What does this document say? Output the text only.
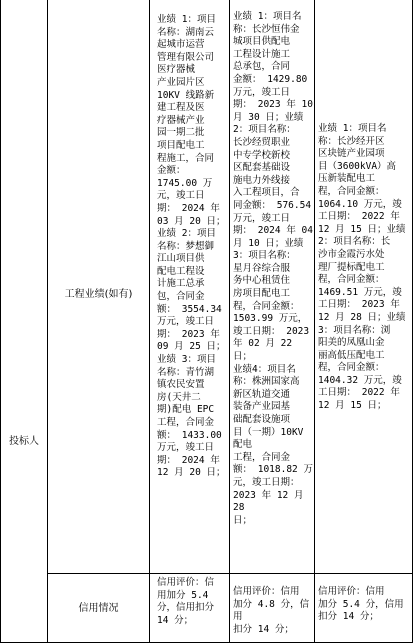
投标人
工程业绩(如有)
信用情况
业绩 1：项目
名称：湖南云
起城市运营
管理有限公司
医疗器械
产业园片区
10KV 线路新
建工程及医
疗器械产业
园一期二批
项目配电工
程施工，合同
金额：
1745.00 万
元，竣工日
期： 2024 年
03 月 20 日；
业绩 2：项目
名称：梦想御
江山项目供
配电工程设
计施工总承
包，合同金
额： 3554.34
万元，竣工日
期： 2023 年
09 月 25 日；
业绩 3：项目
名称：青竹湖
镇农民安置
房(天井二
期)配电 EPC
工程，合同金
额： 1433.00
万元，竣工日
期： 2024 年
12 月 20 日；
信用评价：信
用加分 5.4
分，信用扣分
14 分；
业绩 1：项目名
称：长沙恒伟金
城项目供配电
工程设计施工
总承包，合同
金额： 1429.80
万元，竣工日
期： 2023 年 10
月 30 日；业绩
2：项目名称：
长沙经贸职业
中专学校新校
区配套基础设
施电力外线接
入工程项目，合
同金额： 576.54
万元，竣工日
期： 2024 年 04
月 10 日；业绩
3：项目名称：
星月谷综合服
务中心租赁住
房项目配电工
程，合同金额：
1503.99 万元，
竣工日期： 2023
年 02 月 22 日；
业绩4：项目名
称：株洲国家高
新区轨道交通
装备产业园基
础配套设施项
目（一期）10KV 配电
工程，合同金
额： 1018.82 万
元，竣工日期：
2023 年 12 月 28
日；
信用评价：信用
加分 4.8 分，信用
扣分 14 分；
业绩 1：项目名
称：长沙经开区
区块链产业园项
目（3600kVA）高
压新装配电工
程，合同金额：
1064.10 万元，竣
工日期： 2022 年
12 月 15 日；业绩
2：项目名称：长
沙市金霞污水处
理厂提标配电工
程，合同金额：
1469.51 万元，竣
工日期： 2023 年
12 月 28 日；业绩
3：项目名称：浏
阳美的凤凰山金
丽高低压配电工
程，合同金额：
1404.32 万元，竣
工日期： 2022 年
12 月 15 日；
信用评价：信用
加分 5.4 分，信用
扣分 14 分；
